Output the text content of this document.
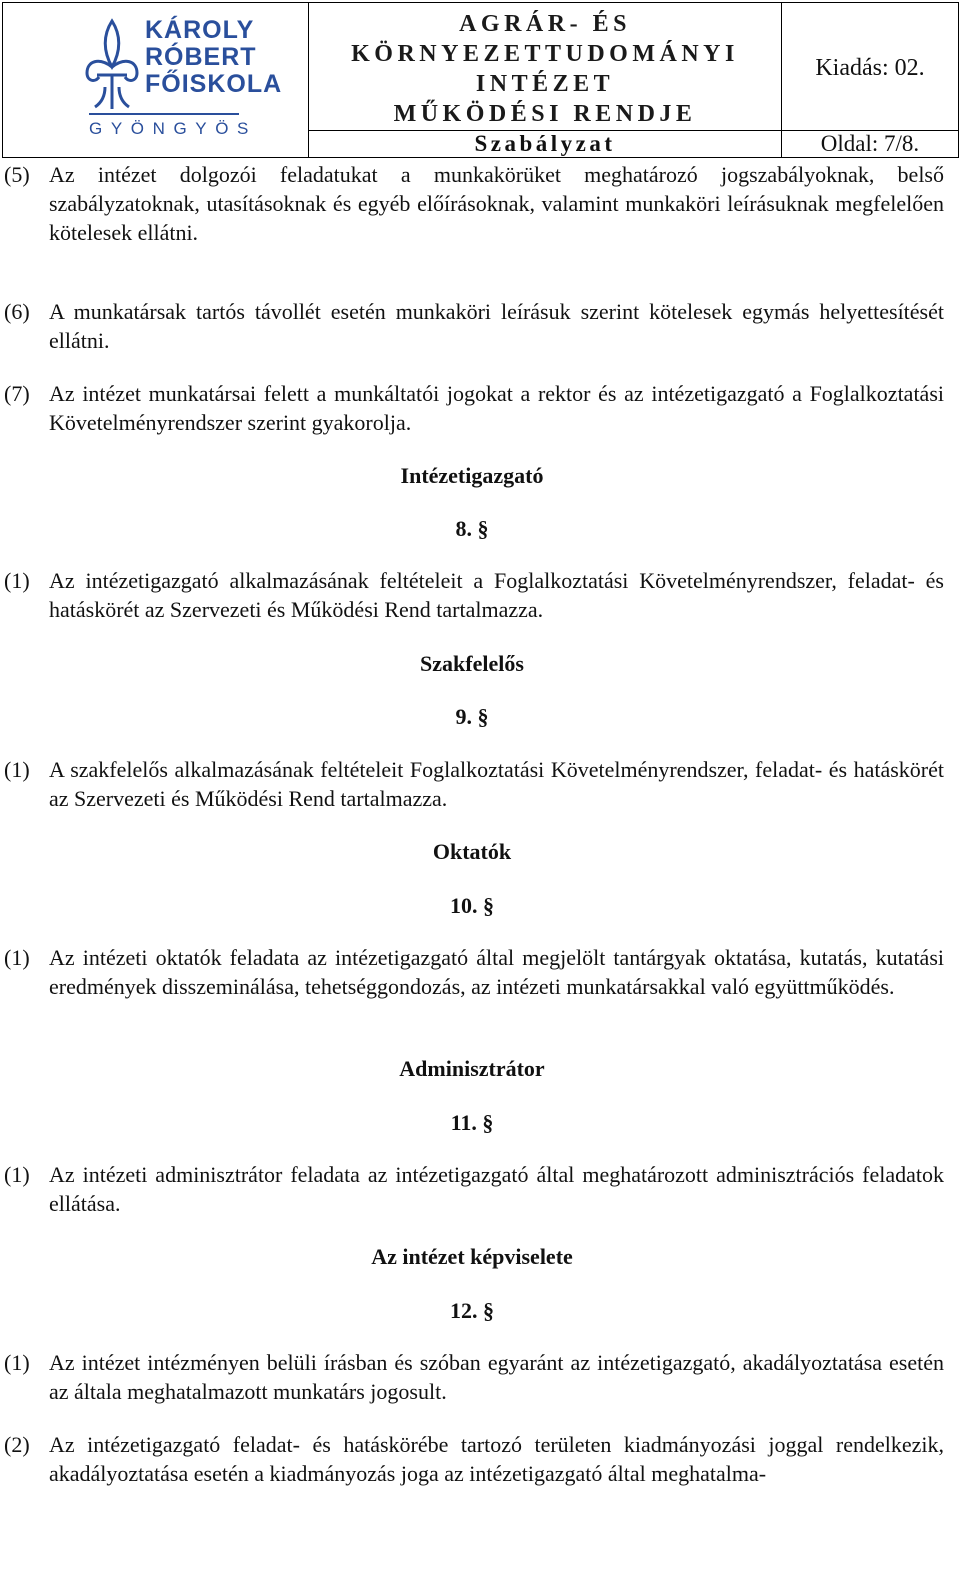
KÁROLY
RÓBERT
FŐISKOLA
GYÖNGYÖS
AGRÁR- ÉS
KÖRNYEZETTUDOMÁNYI
INTÉZET
MŰKÖDÉSI RENDJE
Kiadás: 02.
Szabályzat	Oldal: 7/8.
(5) Az intézet dolgozói feladatukat a munkakörüket meghatározó jogszabályoknak, belső szabályzatoknak, utasításoknak és egyéb előírásoknak, valamint munkaköri leírásuknak megfelelően kötelesek ellátni.
(6) A munkatársak tartós távollét esetén munkaköri leírásuk szerint kötelesek egymás helyettesítését ellátni.
(7) Az intézet munkatársai felett a munkáltatói jogokat a rektor és az intézetigazgató a Foglalkoztatási Követelményrendszer szerint gyakorolja.
Intézetigazgató
8. §
(1) Az intézetigazgató alkalmazásának feltételeit a Foglalkoztatási Követelményrendszer, feladat- és hatáskörét az Szervezeti és Működési Rend tartalmazza.
Szakfelelős
9. §
(1) A szakfelelős alkalmazásának feltételeit Foglalkoztatási Követelményrendszer, feladat- és hatáskörét az Szervezeti és Működési Rend tartalmazza.
Oktatók
10. §
(1) Az intézeti oktatók feladata az intézetigazgató által megjelölt tantárgyak oktatása, kutatás, kutatási eredmények disszeminálása, tehetséggondozás, az intézeti munkatársakkal való együttműködés.
Adminisztrátor
11. §
(1) Az intézeti adminisztrátor feladata az intézetigazgató által meghatározott adminisztrációs feladatok ellátása.
Az intézet képviselete
12. §
(1) Az intézet intézményen belüli írásban és szóban egyaránt az intézetigazgató, akadályoztatása esetén az általa meghatalmazott munkatárs jogosult.
(2) Az intézetigazgató feladat- és hatáskörébe tartozó területen kiadmányozási joggal rendelkezik, akadályoztatása esetén a kiadmányozás joga az intézetigazgató által meghatalma-
